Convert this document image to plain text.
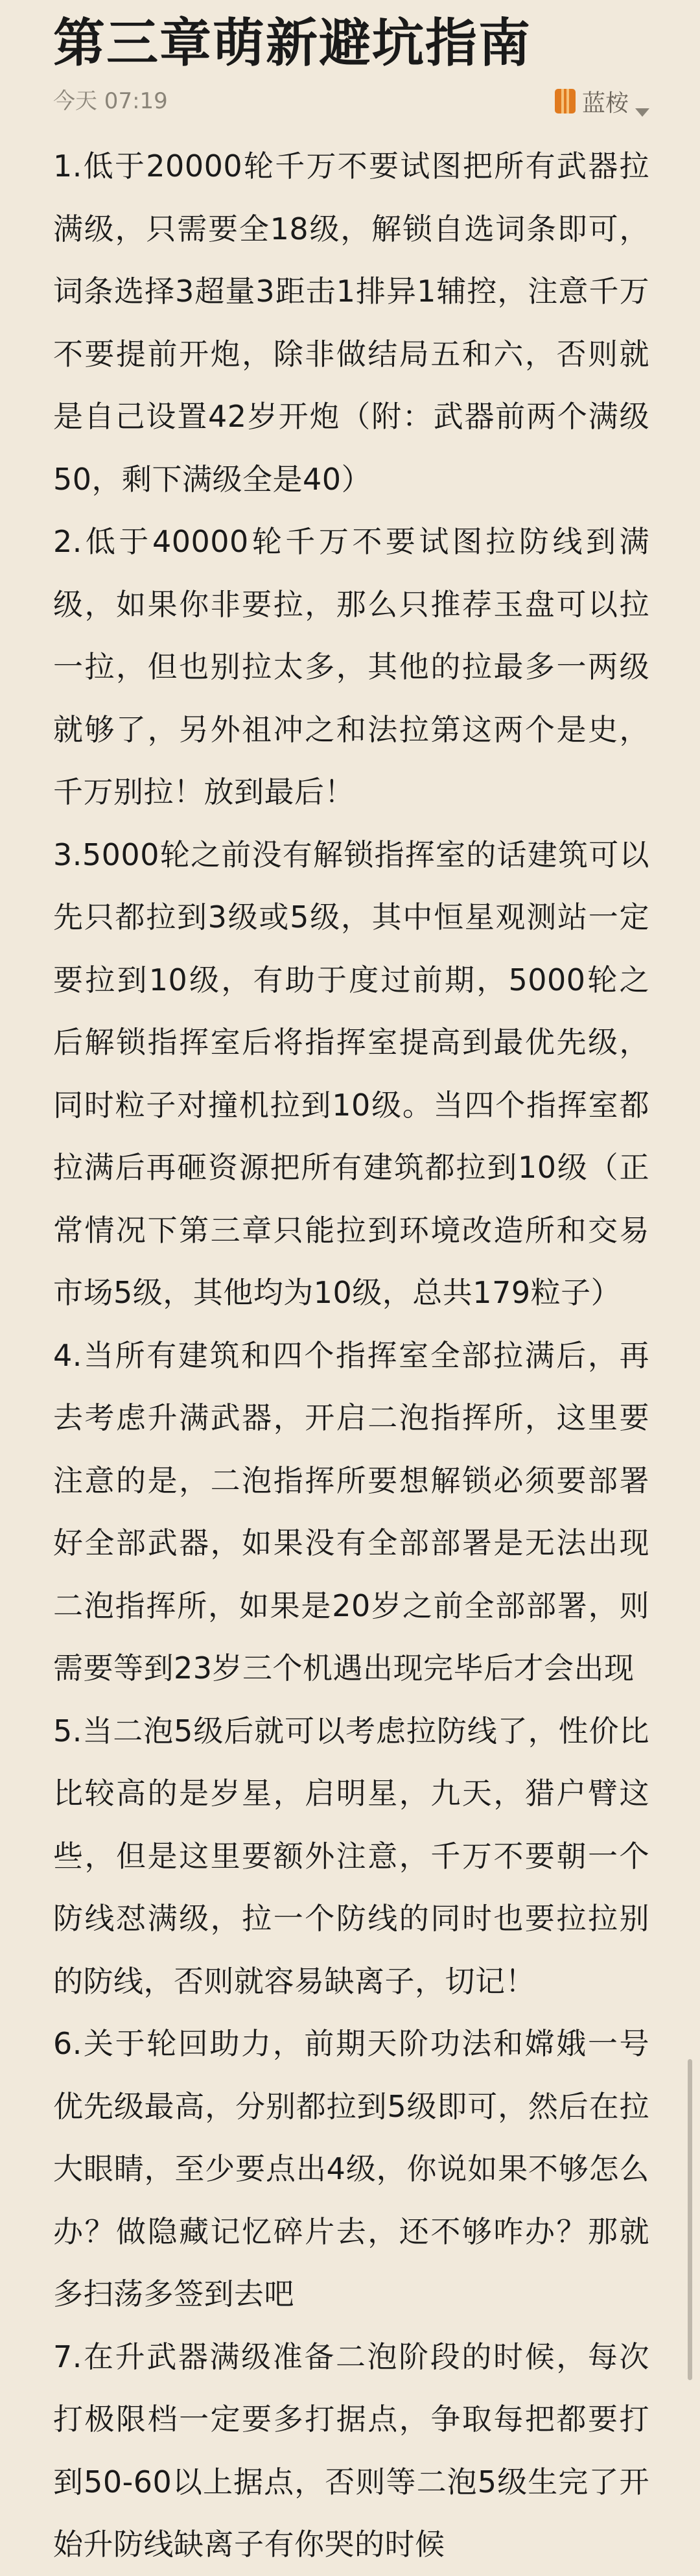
第三章萌新避坑指南
今天 07:19	蓝桉

1.低于20000轮千万不要试图把所有武器拉满级，只需要全18级，解锁自选词条即可，词条选择3超量3距击1排异1辅控，注意千万不要提前开炮，除非做结局五和六，否则就是自己设置42岁开炮（附：武器前两个满级50，剩下满级全是40）

2.低于40000轮千万不要试图拉防线到满级，如果你非要拉，那么只推荐玉盘可以拉一拉，但也别拉太多，其他的拉最多一两级就够了，另外祖冲之和法拉第这两个是史，千万别拉！放到最后！

3.5000轮之前没有解锁指挥室的话建筑可以先只都拉到3级或5级，其中恒星观测站一定要拉到10级，有助于度过前期，5000轮之后解锁指挥室后将指挥室提高到最优先级，同时粒子对撞机拉到10级。当四个指挥室都拉满后再砸资源把所有建筑都拉到10级（正常情况下第三章只能拉到环境改造所和交易市场5级，其他均为10级，总共179粒子）

4.当所有建筑和四个指挥室全部拉满后，再去考虑升满武器，开启二泡指挥所，这里要注意的是，二泡指挥所要想解锁必须要部署好全部武器，如果没有全部部署是无法出现二泡指挥所，如果是20岁之前全部部署，则需要等到23岁三个机遇出现完毕后才会出现

5.当二泡5级后就可以考虑拉防线了，性价比比较高的是岁星，启明星，九天，猎户臂这些，但是这里要额外注意，千万不要朝一个防线怼满级，拉一个防线的同时也要拉拉别的防线，否则就容易缺离子，切记！

6.关于轮回助力，前期天阶功法和嫦娥一号优先级最高，分别都拉到5级即可，然后在拉大眼睛，至少要点出4级，你说如果不够怎么办？做隐藏记忆碎片去，还不够咋办？那就多扫荡多签到去吧

7.在升武器满级准备二泡阶段的时候，每次打极限档一定要多打据点，争取每把都要打到50-60以上据点，否则等二泡5级生完了开始升防线缺离子有你哭的时候
